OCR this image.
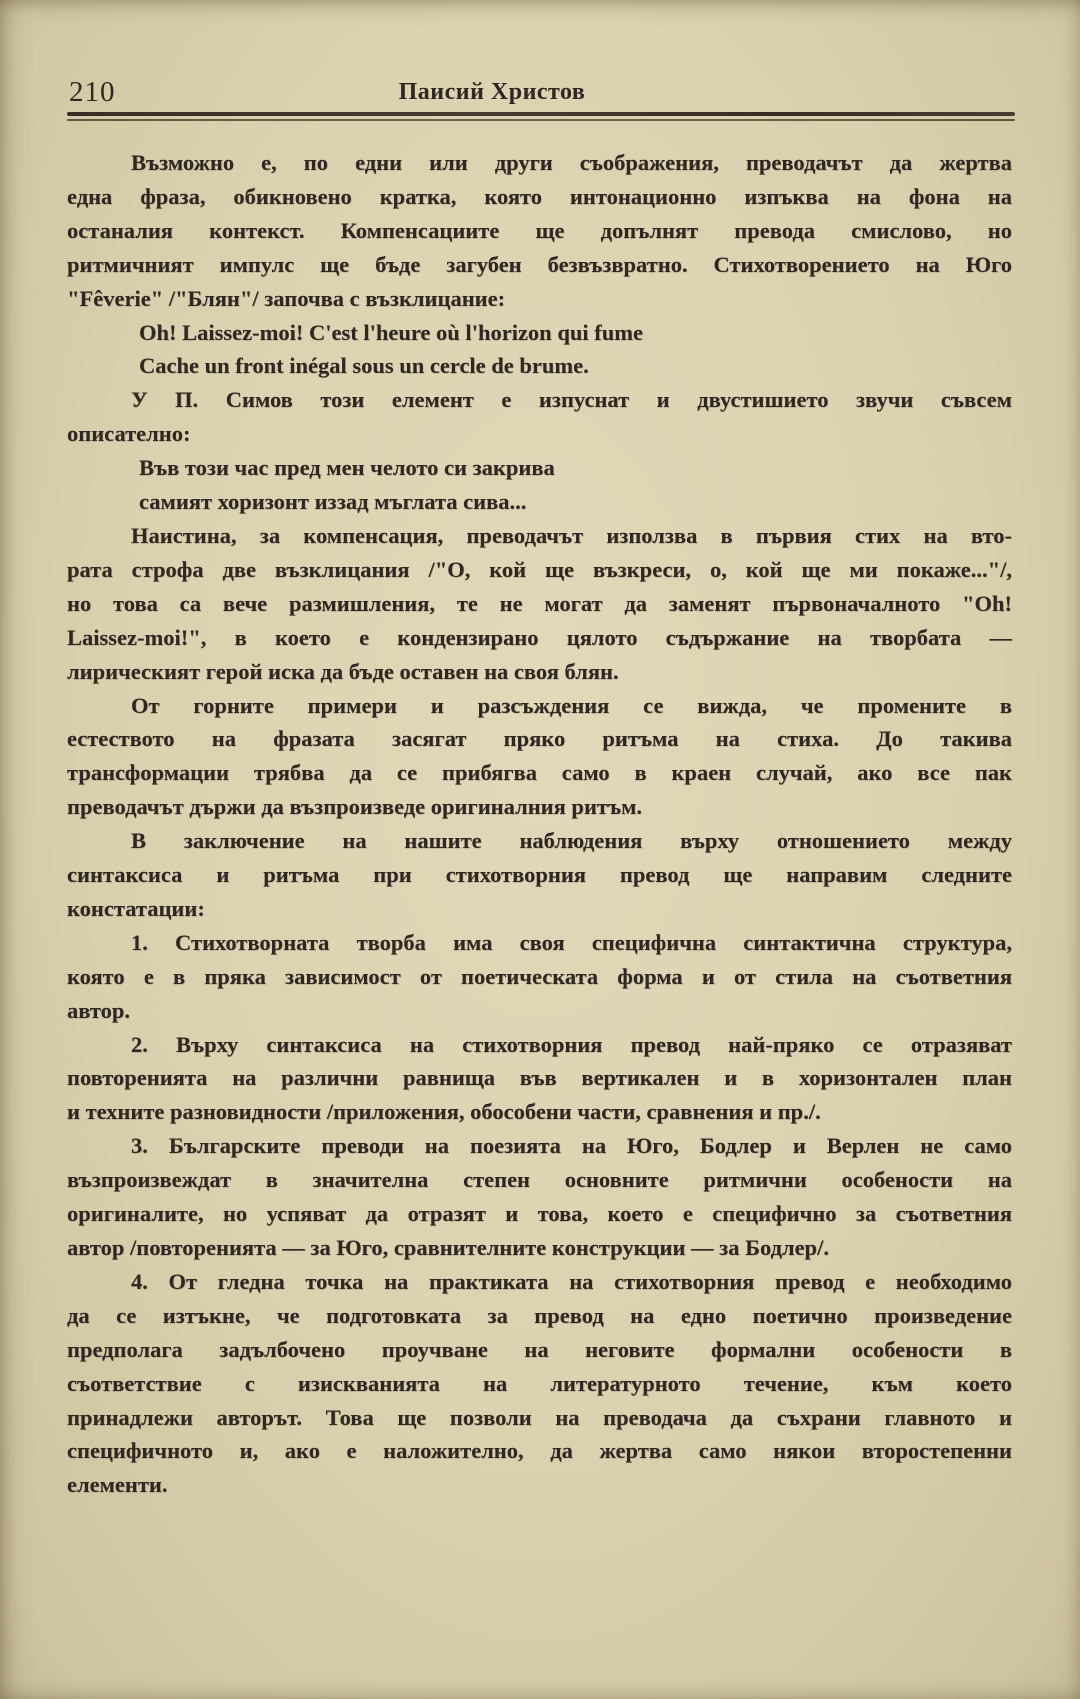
210	Паисий Христов
Възможно е, по едни или други съображения, преводачът да жертва
една фраза, обикновено кратка, която интонационно изпъква на фона на
останалия контекст. Компенсациите ще допълнят превода смислово, но
ритмичният импулс ще бъде загубен безвъзвратно. Стихотворението на Юго
"Fêverie" /"Блян"/ започва с възклицание:
Oh! Laissez-moi! C'est l'heure où l'horizon qui fume
Cache un front inégal sous un cercle de brume.
У П. Симов този елемент е изпуснат и двустишието звучи съвсем
описателно:
Във този час пред мен челото си закрива
самият хоризонт иззад мъглата сива...
Наистина, за компенсация, преводачът използва в първия стих на вто-
рата строфа две възклицания /"О, кой ще възкреси, о, кой ще ми покаже..."/,
но това са вече размишления, те не могат да заменят първоначалното "Oh!
Laissez-moi!", в което е кондензирано цялото съдържание на творбата —
лирическият герой иска да бъде оставен на своя блян.
От горните примери и разсъждения се вижда, че промените в
естеството на фразата засягат пряко ритъма на стиха. До такива
трансформации трябва да се прибягва само в краен случай, ако все пак
преводачът държи да възпроизведе оригиналния ритъм.
В заключение на нашите наблюдения върху отношението между
синтаксиса и ритъма при стихотворния превод ще направим следните
констатации:
1. Стихотворната творба има своя специфична синтактична структура,
която е в пряка зависимост от поетическата форма и от стила на съответния
автор.
2. Върху синтаксиса на стихотворния превод най-пряко се отразяват
повторенията на различни равнища във вертикален и в хоризонтален план
и техните разновидности /приложения, обособени части, сравнения и пр./.
3. Българските преводи на поезията на Юго, Бодлер и Верлен не само
възпроизвеждат в значителна степен основните ритмични особености на
оригиналите, но успяват да отразят и това, което е специфично за съответния
автор /повторенията — за Юго, сравнителните конструкции — за Бодлер/.
4. От гледна точка на практиката на стихотворния превод е необходимо
да се изтъкне, че подготовката за превод на едно поетично произведение
предполага задълбочено проучване на неговите формални особености в
съответствие с изискванията на литературното течение, към което
принадлежи авторът. Това ще позволи на преводача да съхрани главното и
специфичното и, ако е наложително, да жертва само някои второстепенни
елементи.
